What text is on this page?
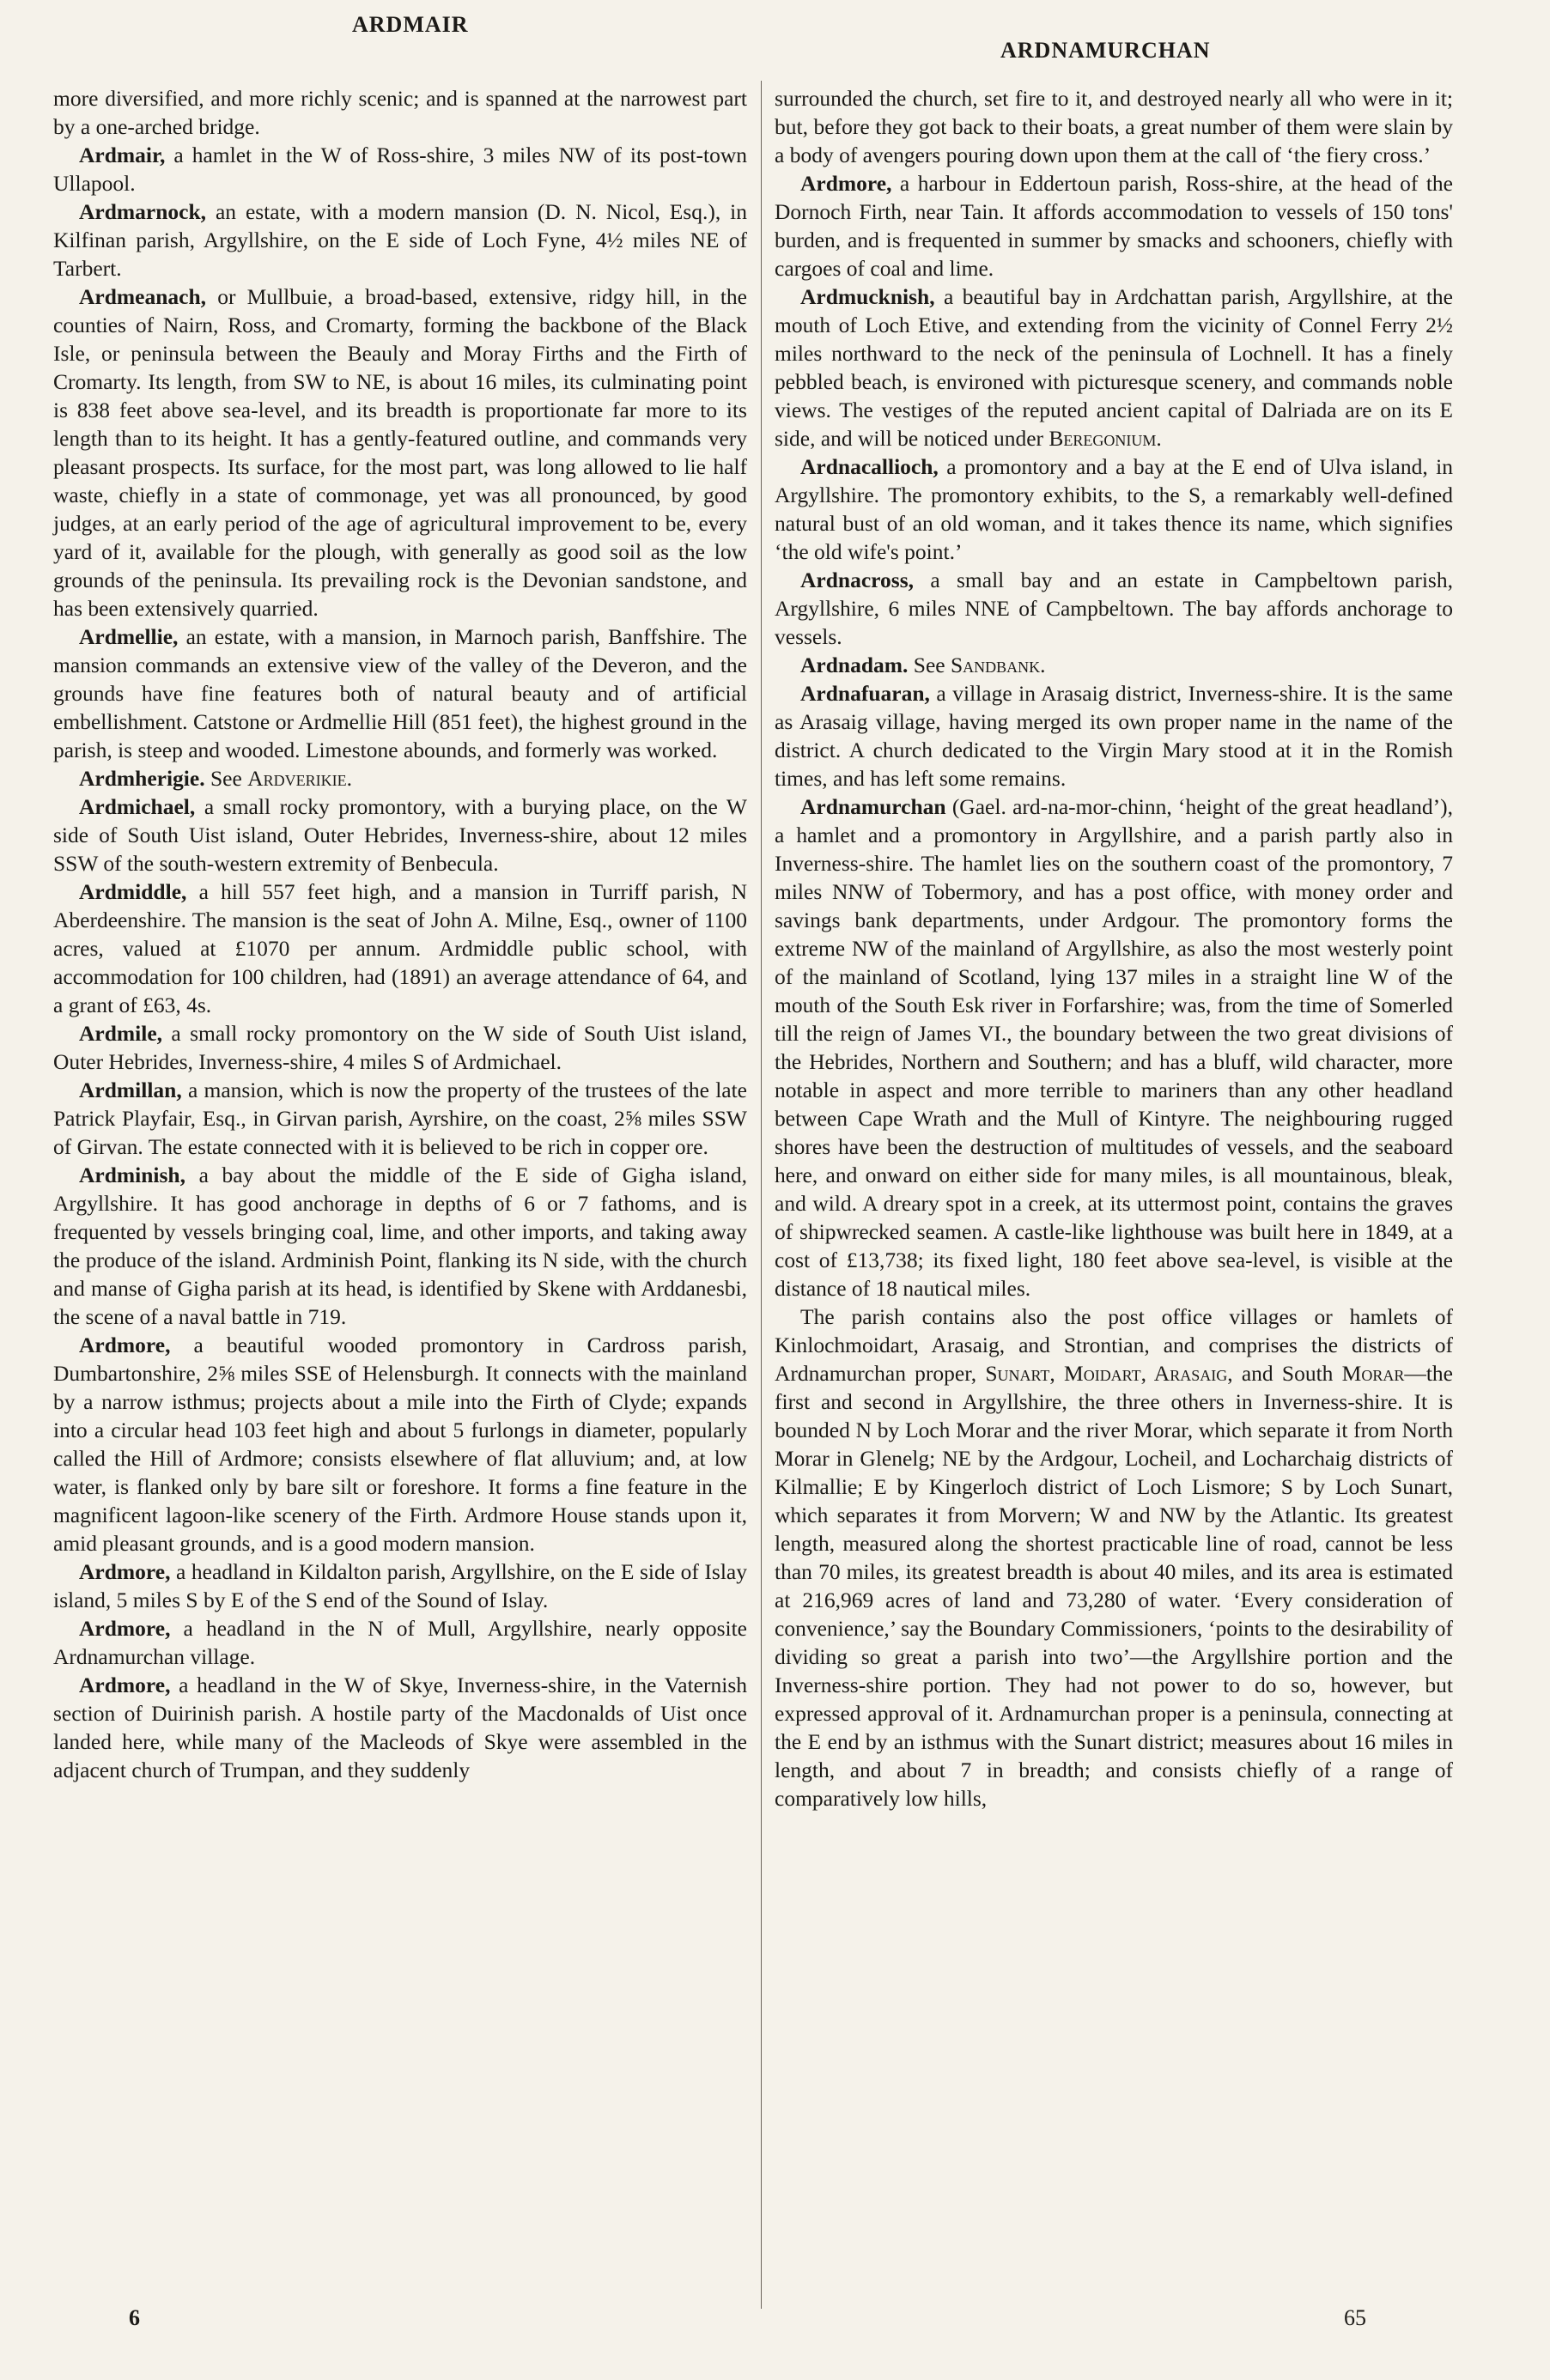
ARDMAIR
ARDNAMURCHAN

more diversified, and more richly scenic; and is spanned at the narrowest part by a one-arched bridge.

Ardmair, a hamlet in the W of Ross-shire, 3 miles NW of its post-town Ullapool.

Ardmarnock, an estate, with a modern mansion (D. N. Nicol, Esq.), in Kilfinan parish, Argyllshire, on the E side of Loch Fyne, 4½ miles NE of Tarbert.

Ardmeanach, or Mullbuie, a broad-based, extensive, ridgy hill, in the counties of Nairn, Ross, and Cromarty, forming the backbone of the Black Isle, or peninsula between the Beauly and Moray Firths and the Firth of Cromarty. Its length, from SW to NE, is about 16 miles, its culminating point is 838 feet above sea-level, and its breadth is proportionate far more to its length than to its height. It has a gently-featured outline, and commands very pleasant prospects. Its surface, for the most part, was long allowed to lie half waste, chiefly in a state of commonage, yet was all pronounced, by good judges, at an early period of the age of agricultural improvement to be, every yard of it, available for the plough, with generally as good soil as the low grounds of the peninsula. Its prevailing rock is the Devonian sandstone, and has been extensively quarried.

Ardmellie, an estate, with a mansion, in Marnoch parish, Banffshire. The mansion commands an extensive view of the valley of the Deveron, and the grounds have fine features both of natural beauty and of artificial embellishment. Catstone or Ardmellie Hill (851 feet), the highest ground in the parish, is steep and wooded. Limestone abounds, and formerly was worked.

Ardmherigie. See Ardverikie.

Ardmichael, a small rocky promontory, with a burying place, on the W side of South Uist island, Outer Hebrides, Inverness-shire, about 12 miles SSW of the south-western extremity of Benbecula.

Ardmiddle, a hill 557 feet high, and a mansion in Turriff parish, N Aberdeenshire. The mansion is the seat of John A. Milne, Esq., owner of 1100 acres, valued at £1070 per annum. Ardmiddle public school, with accommodation for 100 children, had (1891) an average attendance of 64, and a grant of £63, 4s.

Ardmile, a small rocky promontory on the W side of South Uist island, Outer Hebrides, Inverness-shire, 4 miles S of Ardmichael.

Ardmillan, a mansion, which is now the property of the trustees of the late Patrick Playfair, Esq., in Girvan parish, Ayrshire, on the coast, 2⅝ miles SSW of Girvan. The estate connected with it is believed to be rich in copper ore.

Ardminish, a bay about the middle of the E side of Gigha island, Argyllshire. It has good anchorage in depths of 6 or 7 fathoms, and is frequented by vessels bringing coal, lime, and other imports, and taking away the produce of the island. Ardminish Point, flanking its N side, with the church and manse of Gigha parish at its head, is identified by Skene with Arddanesbi, the scene of a naval battle in 719.

Ardmore, a beautiful wooded promontory in Cardross parish, Dumbartonshire, 2⅝ miles SSE of Helensburgh. It connects with the mainland by a narrow isthmus; projects about a mile into the Firth of Clyde; expands into a circular head 103 feet high and about 5 furlongs in diameter, popularly called the Hill of Ardmore; consists elsewhere of flat alluvium; and, at low water, is flanked only by bare silt or foreshore. It forms a fine feature in the magnificent lagoon-like scenery of the Firth. Ardmore House stands upon it, amid pleasant grounds, and is a good modern mansion.

Ardmore, a headland in Kildalton parish, Argyllshire, on the E side of Islay island, 5 miles S by E of the S end of the Sound of Islay.

Ardmore, a headland in the N of Mull, Argyllshire, nearly opposite Ardnamurchan village.

Ardmore, a headland in the W of Skye, Inverness-shire, in the Vaternish section of Duirinish parish. A hostile party of the Macdonalds of Uist once landed here, while many of the Macleods of Skye were assembled in the adjacent church of Trumpan, and they suddenly

surrounded the church, set fire to it, and destroyed nearly all who were in it; but, before they got back to their boats, a great number of them were slain by a body of avengers pouring down upon them at the call of ‘the fiery cross.’

Ardmore, a harbour in Eddertoun parish, Ross-shire, at the head of the Dornoch Firth, near Tain. It affords accommodation to vessels of 150 tons' burden, and is frequented in summer by smacks and schooners, chiefly with cargoes of coal and lime.

Ardmucknish, a beautiful bay in Ardchattan parish, Argyllshire, at the mouth of Loch Etive, and extending from the vicinity of Connel Ferry 2½ miles northward to the neck of the peninsula of Lochnell. It has a finely pebbled beach, is environed with picturesque scenery, and commands noble views. The vestiges of the reputed ancient capital of Dalriada are on its E side, and will be noticed under Beregonium.

Ardnacallioch, a promontory and a bay at the E end of Ulva island, in Argyllshire. The promontory exhibits, to the S, a remarkably well-defined natural bust of an old woman, and it takes thence its name, which signifies ‘the old wife's point.’

Ardnacross, a small bay and an estate in Campbeltown parish, Argyllshire, 6 miles NNE of Campbeltown. The bay affords anchorage to vessels.

Ardnadam. See Sandbank.

Ardnafuaran, a village in Arasaig district, Inverness-shire. It is the same as Arasaig village, having merged its own proper name in the name of the district. A church dedicated to the Virgin Mary stood at it in the Romish times, and has left some remains.

Ardnamurchan (Gael. ard-na-mor-chinn, ‘height of the great headland’), a hamlet and a promontory in Argyllshire, and a parish partly also in Inverness-shire. The hamlet lies on the southern coast of the promontory, 7 miles NNW of Tobermory, and has a post office, with money order and savings bank departments, under Ardgour. The promontory forms the extreme NW of the mainland of Argyllshire, as also the most westerly point of the mainland of Scotland, lying 137 miles in a straight line W of the mouth of the South Esk river in Forfarshire; was, from the time of Somerled till the reign of James VI., the boundary between the two great divisions of the Hebrides, Northern and Southern; and has a bluff, wild character, more notable in aspect and more terrible to mariners than any other headland between Cape Wrath and the Mull of Kintyre. The neighbouring rugged shores have been the destruction of multitudes of vessels, and the seaboard here, and onward on either side for many miles, is all mountainous, bleak, and wild. A dreary spot in a creek, at its uttermost point, contains the graves of shipwrecked seamen. A castle-like lighthouse was built here in 1849, at a cost of £13,738; its fixed light, 180 feet above sea-level, is visible at the distance of 18 nautical miles.

The parish contains also the post office villages or hamlets of Kinlochmoidart, Arasaig, and Strontian, and comprises the districts of Ardnamurchan proper, Sunart, Moidart, Arasaig, and South Morar—the first and second in Argyllshire, the three others in Inverness-shire. It is bounded N by Loch Morar and the river Morar, which separate it from North Morar in Glenelg; NE by the Ardgour, Locheil, and Locharchaig districts of Kilmallie; E by Kingerloch district of Loch Lismore; S by Loch Sunart, which separates it from Morvern; W and NW by the Atlantic. Its greatest length, measured along the shortest practicable line of road, cannot be less than 70 miles, its greatest breadth is about 40 miles, and its area is estimated at 216,969 acres of land and 73,280 of water. ‘Every consideration of convenience,’ say the Boundary Commissioners, ‘points to the desirability of dividing so great a parish into two’—the Argyllshire portion and the Inverness-shire portion. They had not power to do so, however, but expressed approval of it. Ardnamurchan proper is a peninsula, connecting at the E end by an isthmus with the Sunart district; measures about 16 miles in length, and about 7 in breadth; and consists chiefly of a range of comparatively low hills,

6	65
